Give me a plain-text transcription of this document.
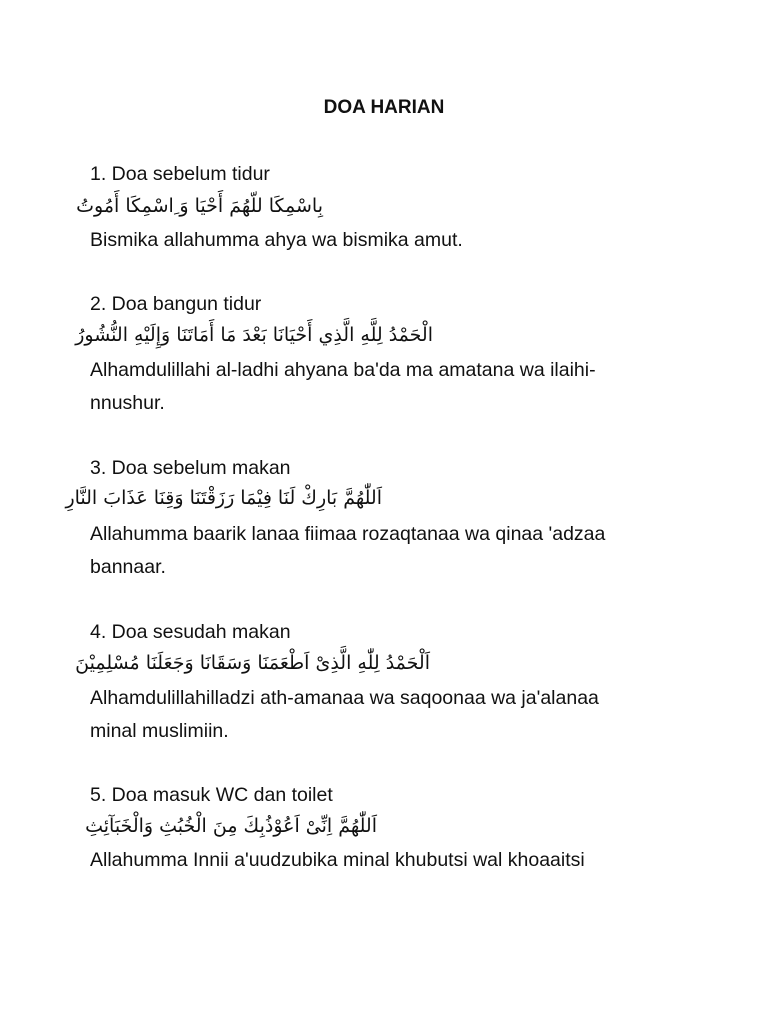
DOA HARIAN

1. Doa sebelum tidur

بِاسْمِكَا للّهُمَ أَحْيَا وَ ِاسْمِكَا أَمُوتُ

Bismika allahumma ahya wa bismika amut.

2. Doa bangun tidur

الْحَمْدُ لِلَّهِ الَّذِي أَحْيَانَا بَعْدَ مَا أَمَاتَنَا وَإِلَيْهِ النُّشُورُ

Alhamdulillahi al-ladhi ahyana ba'da ma amatana wa ilaihi-

nnushur.

3. Doa sebelum makan

اَللّٰهُمَّ بَارِكْ لَنَا فِيْمَا رَزَقْتَنَا وَقِنَا عَذَابَ النَّارِ

Allahumma baarik lanaa fiimaa rozaqtanaa wa qinaa 'adzaa

bannaar.

4. Doa sesudah makan

اَلْحَمْدُ لِلّٰهِ الَّذِىْ اَطْعَمَنَا وَسَقَانَا وَجَعَلَنَا مُسْلِمِيْنَ

Alhamdulillahilladzi ath-amanaa wa saqoonaa wa ja'alanaa

minal muslimiin.

5. Doa masuk WC dan toilet

اَللّٰهُمَّ اِنِّىْ اَعُوْذُبِكَ مِنَ الْخُبُثِ وَالْخَبَآئِثِ

Allahumma Innii a'uudzubika minal khubutsi wal khoaaitsi
